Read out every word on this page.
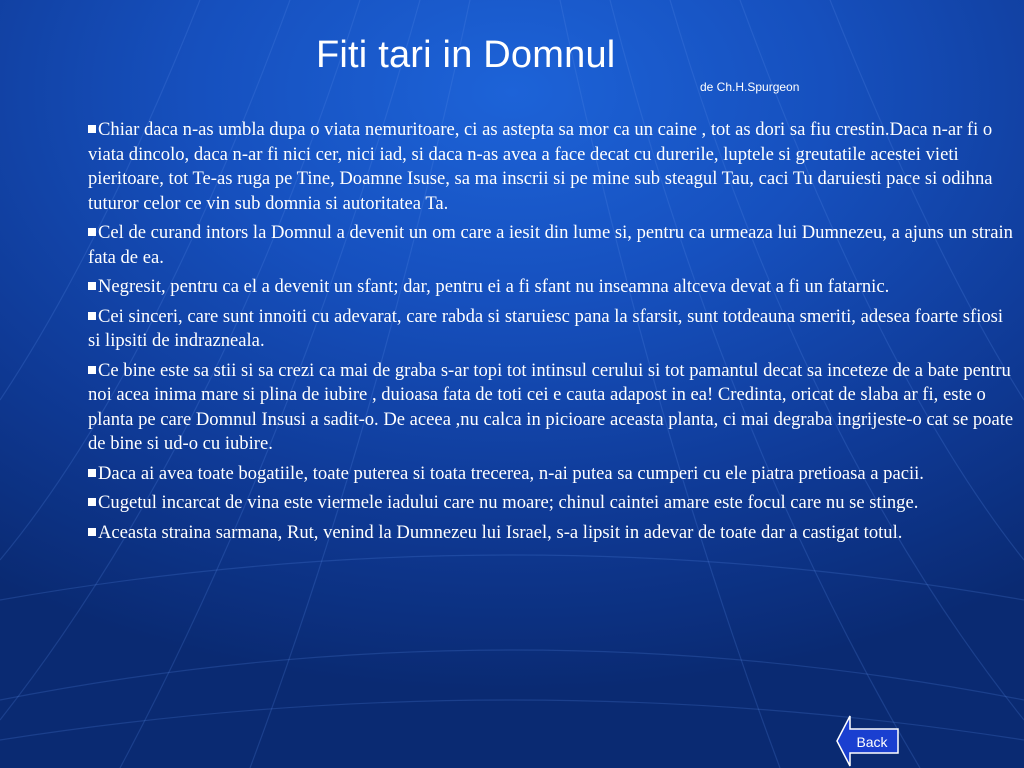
Fiti tari in Domnul
de Ch.H.Spurgeon

Chiar daca n-as umbla dupa o viata nemuritoare, ci as astepta sa mor ca un caine , tot as dori sa fiu crestin.Daca n-ar fi o viata dincolo, daca n-ar fi nici cer, nici iad, si daca n-as avea a face decat cu durerile, luptele si greutatile acestei vieti pieritoare, tot Te-as ruga pe Tine, Doamne Isuse, sa ma inscrii si pe mine sub steagul Tau, caci Tu daruiesti pace si odihna tuturor celor ce vin sub domnia si autoritatea Ta.

Cel de curand intors la Domnul a devenit un om care a iesit din lume si, pentru ca urmeaza lui Dumnezeu, a ajuns un strain fata de ea.

Negresit, pentru ca el a devenit un sfant; dar, pentru ei a fi sfant nu inseamna altceva devat a fi un fatarnic.

Cei sinceri, care sunt innoiti cu adevarat, care rabda si staruiesc pana la sfarsit, sunt totdeauna smeriti, adesea foarte sfiosi si lipsiti de indrazneala.

Ce bine este sa stii si sa crezi ca mai de graba s-ar topi tot intinsul cerului si tot pamantul decat sa inceteze de a bate pentru noi acea inima mare si plina de iubire , duioasa fata de toti cei e cauta adapost in ea! Credinta, oricat de slaba ar fi, este o planta pe care Domnul Insusi a sadit-o. De aceea ,nu calca in picioare aceasta planta, ci mai degraba ingrijeste-o cat se poate de bine si ud-o cu iubire.

Daca ai avea toate bogatiile, toate puterea si toata trecerea, n-ai putea sa cumperi cu ele piatra pretioasa a pacii.

Cugetul incarcat de vina este viermele iadului care nu moare; chinul caintei amare este focul care nu se stinge.

Aceasta straina sarmana, Rut, venind la Dumnezeu lui Israel, s-a lipsit in adevar de toate dar a castigat totul.

Back
